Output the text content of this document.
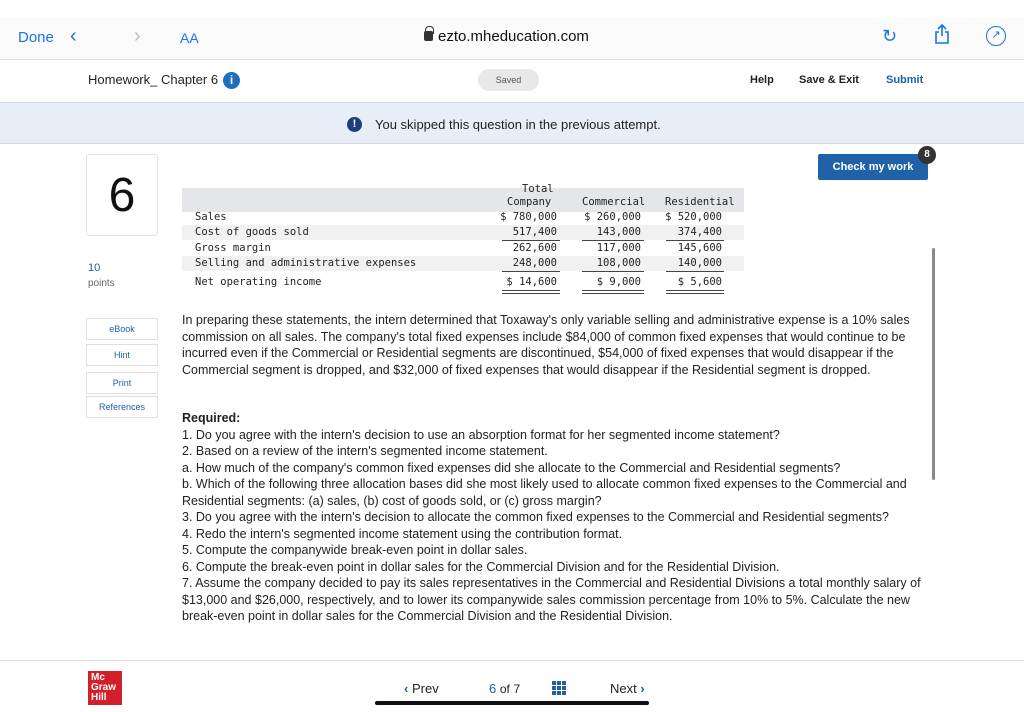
Done ‹	›	AA	ezto.mheducation.com	↻	↗
Homework_ Chapter 6 i	Saved	Help Save & Exit Submit
!	You skipped this question in the previous attempt.
6
10
points
eBook
Hint
Print
References
Check my work
8
Total
Company	Commercial Residential
Sales	$ 780,000	$ 260,000 $ 520,000
Cost of goods sold	517,400	143,000	374,400
Gross margin	262,600	117,000	145,600
Selling and administrative expenses	248,000	108,000	140,000
Net operating income	$ 14,600	$ 9,000	$ 5,600
In preparing these statements, the intern determined that Toxaway's only variable selling and administrative expense is a 10% sales commission on all sales. The company's total fixed expenses include $84,000 of common fixed expenses that would continue to be incurred even if the Commercial or Residential segments are discontinued, $54,000 of fixed expenses that would disappear if the Commercial segment is dropped, and $32,000 of fixed expenses that would disappear if the Residential segment is dropped.
Required:
1. Do you agree with the intern's decision to use an absorption format for her segmented income statement?
2. Based on a review of the intern's segmented income statement.
a. How much of the company's common fixed expenses did she allocate to the Commercial and Residential segments?
b. Which of the following three allocation bases did she most likely used to allocate common fixed expenses to the Commercial and Residential segments: (a) sales, (b) cost of goods sold, or (c) gross margin?
3. Do you agree with the intern's decision to allocate the common fixed expenses to the Commercial and Residential segments?
4. Redo the intern's segmented income statement using the contribution format.
5. Compute the companywide break-even point in dollar sales.
6. Compute the break-even point in dollar sales for the Commercial Division and for the Residential Division.
7. Assume the company decided to pay its sales representatives in the Commercial and Residential Divisions a total monthly salary of $13,000 and $26,000, respectively, and to lower its companywide sales commission percentage from 10% to 5%. Calculate the new break-even point in dollar sales for the Commercial Division and the Residential Division.
Mc
Graw
Hill
‹ Prev	6 of 7	Next ›
